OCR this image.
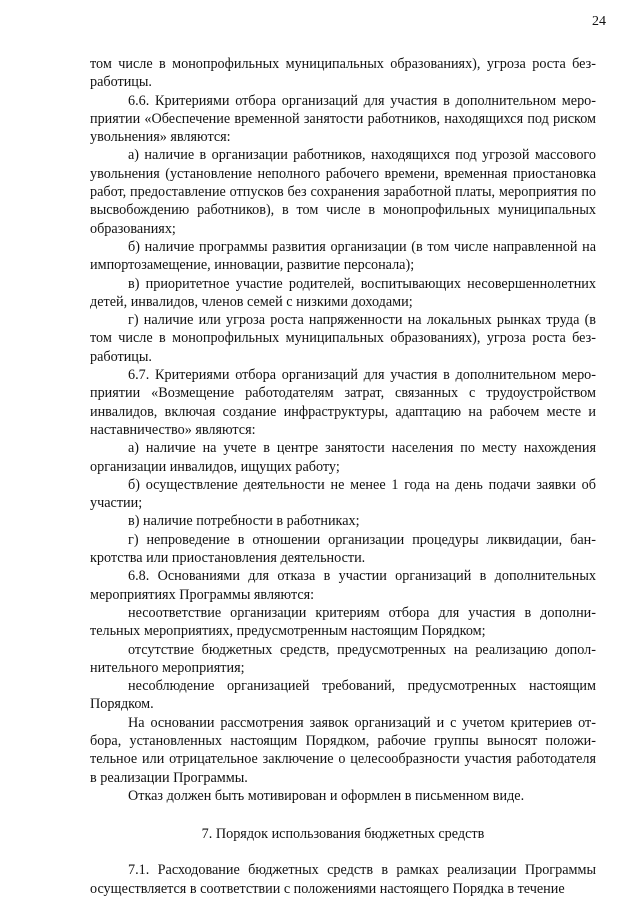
24

том числе в монопрофильных муниципальных образованиях), угроза роста безработицы.

6.6. Критериями отбора организаций для участия в дополнительном мероприятии «Обеспечение временной занятости работников, находящихся под риском увольнения» являются:

а) наличие в организации работников, находящихся под угрозой массового увольнения (установление неполного рабочего времени, временная приостановка работ, предоставление отпусков без сохранения заработной платы, мероприятия по высвобождению работников), в том числе в монопрофильных муниципальных образованиях;

б) наличие программы развития организации (в том числе направленной на импортозамещение, инновации, развитие персонала);

в) приоритетное участие родителей, воспитывающих несовершеннолетних детей, инвалидов, членов семей с низкими доходами;

г) наличие или угроза роста напряженности на локальных рынках труда (в том числе в монопрофильных муниципальных образованиях), угроза роста безработицы.

6.7. Критериями отбора организаций для участия в дополнительном мероприятии «Возмещение работодателям затрат, связанных с трудоустройством инвалидов, включая создание инфраструктуры, адаптацию на рабочем месте и наставничество» являются:

а) наличие на учете в центре занятости населения по месту нахождения организации инвалидов, ищущих работу;

б) осуществление деятельности не менее 1 года на день подачи заявки об участии;

в) наличие потребности в работниках;

г) непроведение в отношении организации процедуры ликвидации, банкротства или приостановления деятельности.

6.8. Основаниями для отказа в участии организаций в дополнительных мероприятиях Программы являются:

несоответствие организации критериям отбора для участия в дополнительных мероприятиях, предусмотренным настоящим Порядком;

отсутствие бюджетных средств, предусмотренных на реализацию дополнительного мероприятия;

несоблюдение организацией требований, предусмотренных настоящим Порядком.

На основании рассмотрения заявок организаций и с учетом критериев отбора, установленных настоящим Порядком, рабочие группы выносят положительное или отрицательное заключение о целесообразности участия работодателя в реализации Программы.

Отказ должен быть мотивирован и оформлен в письменном виде.

7. Порядок использования бюджетных средств

7.1. Расходование бюджетных средств в рамках реализации Программы осуществляется в соответствии с положениями настоящего Порядка в течение
